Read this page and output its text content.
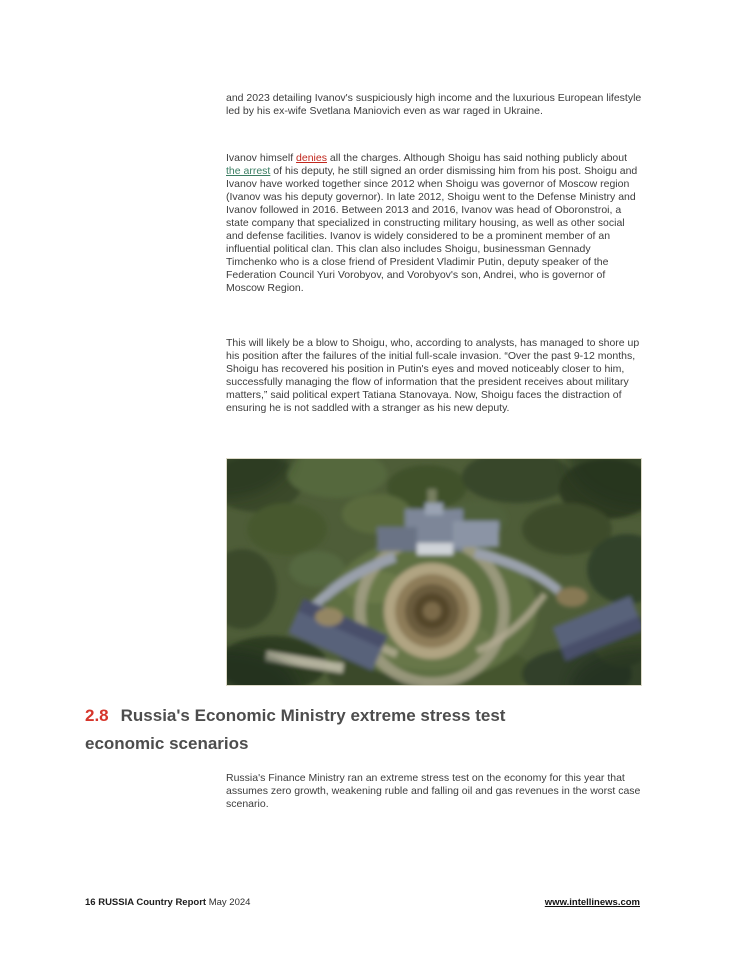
and 2023 detailing Ivanov's suspiciously high income and the luxurious European lifestyle led by his ex-wife Svetlana Maniovich even as war raged in Ukraine.

Ivanov himself denies all the charges. Although Shoigu has said nothing publicly about the arrest of his deputy, he still signed an order dismissing him from his post. Shoigu and Ivanov have worked together since 2012 when Shoigu was governor of Moscow region (Ivanov was his deputy governor). In late 2012, Shoigu went to the Defense Ministry and Ivanov followed in 2016. Between 2013 and 2016, Ivanov was head of Oboronstroi, a state company that specialized in constructing military housing, as well as other social and defense facilities. Ivanov is widely considered to be a prominent member of an influential political clan. This clan also includes Shoigu, businessman Gennady Timchenko who is a close friend of President Vladimir Putin, deputy speaker of the Federation Council Yuri Vorobyov, and Vorobyov's son, Andrei, who is governor of Moscow Region.

This will likely be a blow to Shoigu, who, according to analysts, has managed to shore up his position after the failures of the initial full-scale invasion. “Over the past 9-12 months, Shoigu has recovered his position in Putin's eyes and moved noticeably closer to him, successfully managing the flow of information that the president receives about military matters,” said political expert Tatiana Stanovaya. Now, Shoigu faces the distraction of ensuring he is not saddled with a stranger as his new deputy.

2.8 Russia's Economic Ministry extreme stress test
economic scenarios

Russia's Finance Ministry ran an extreme stress test on the economy for this year that assumes zero growth, weakening ruble and falling oil and gas revenues in the worst case scenario.

16 RUSSIA Country Report May 2024	www.intellinews.com
